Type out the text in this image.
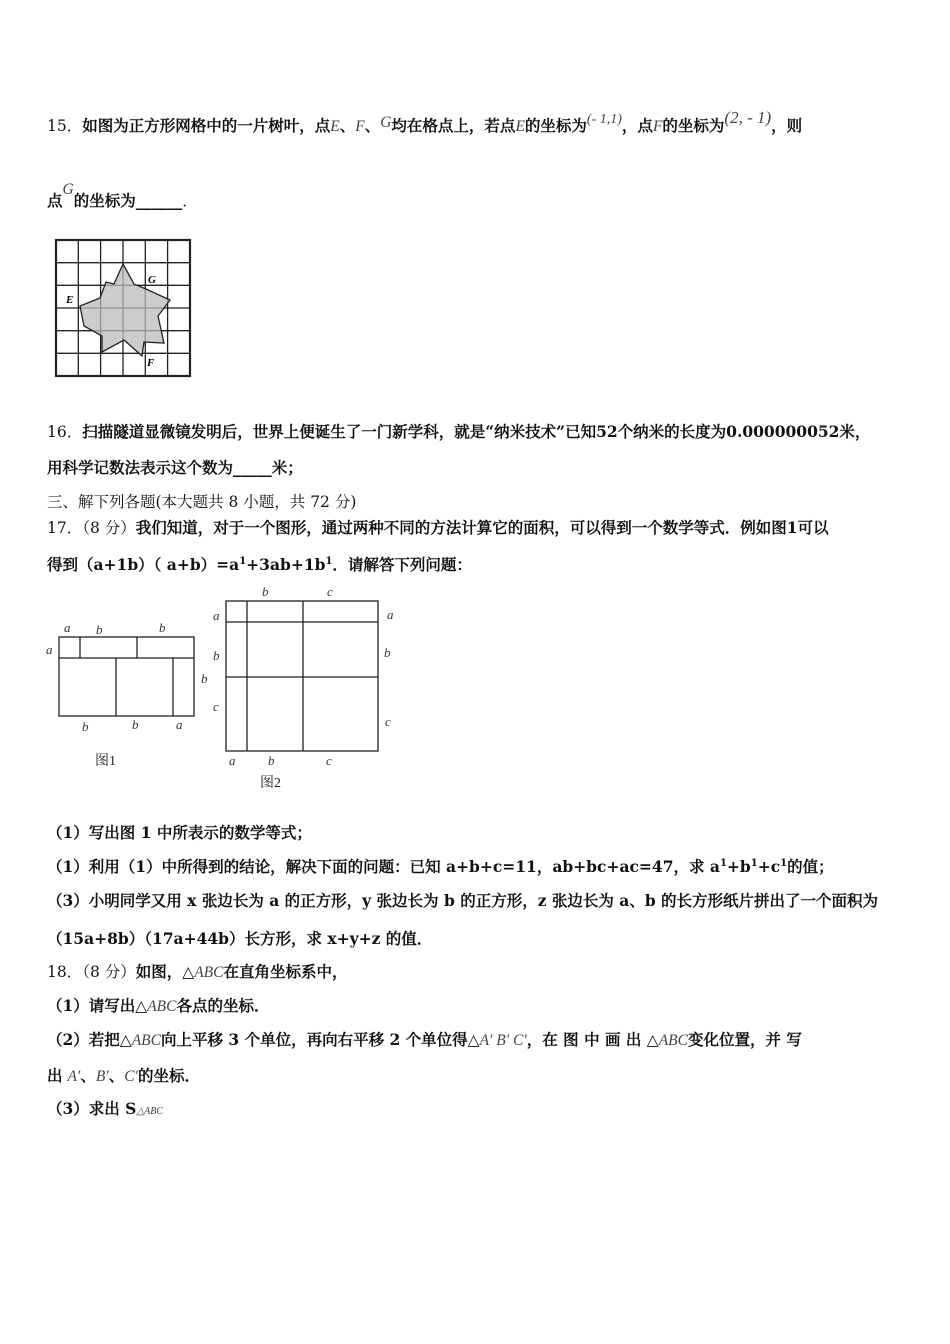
15．如图为正方形网格中的一片树叶，点E、F、G均在格点上，若点E的坐标为(- 1,1)，点F的坐标为(2, - 1)，则
点G的坐标为______．
G
E
F
16．扫描隧道显微镜发明后，世界上便诞生了一门新学科，就是“纳米技术”已知52个纳米的长度为0.000000052米，
用科学记数法表示这个数为_____米；
三、解下列各题(本大题共 8 小题，共 72 分)
17．（8 分）我们知道，对于一个图形，通过两种不同的方法计算它的面积，可以得到一个数学等式．例如图1可以
得到（a+1b）（ $a+b)=a^1+3ab+1b^1$．请解答下列问题：
a b	b
a
b
b	b	a
图1
b	c
a
b
c
a
b
c
a	b	c
图2
（1）写出图 1 中所表示的数学等式；
（1）利用（1）中所得到的结论，解决下面的问题：已知 a+b+c=11，ab+bc+ac=47，求 $a^1+b^1+c^1$的值；
（3）小明同学又用 x 张边长为 a 的正方形，y 张边长为 b 的正方形，z 张边长为 a、b 的长方形纸片拼出了一个面积为
（15a+8b）（17a+44b）长方形，求 x+y+z 的值．
18．（8 分）如图，△ABC在直角坐标系中，
（1）请写出△ABC各点的坐标．
（2）若把△ABC向上平移 3 个单位，再向右平移 2 个单位得△A′ B′ C′，在 图 中 画 出 △ABC变化位置，并 写
出 A′、B′、C′的坐标．
（3）求出 S△ABC
